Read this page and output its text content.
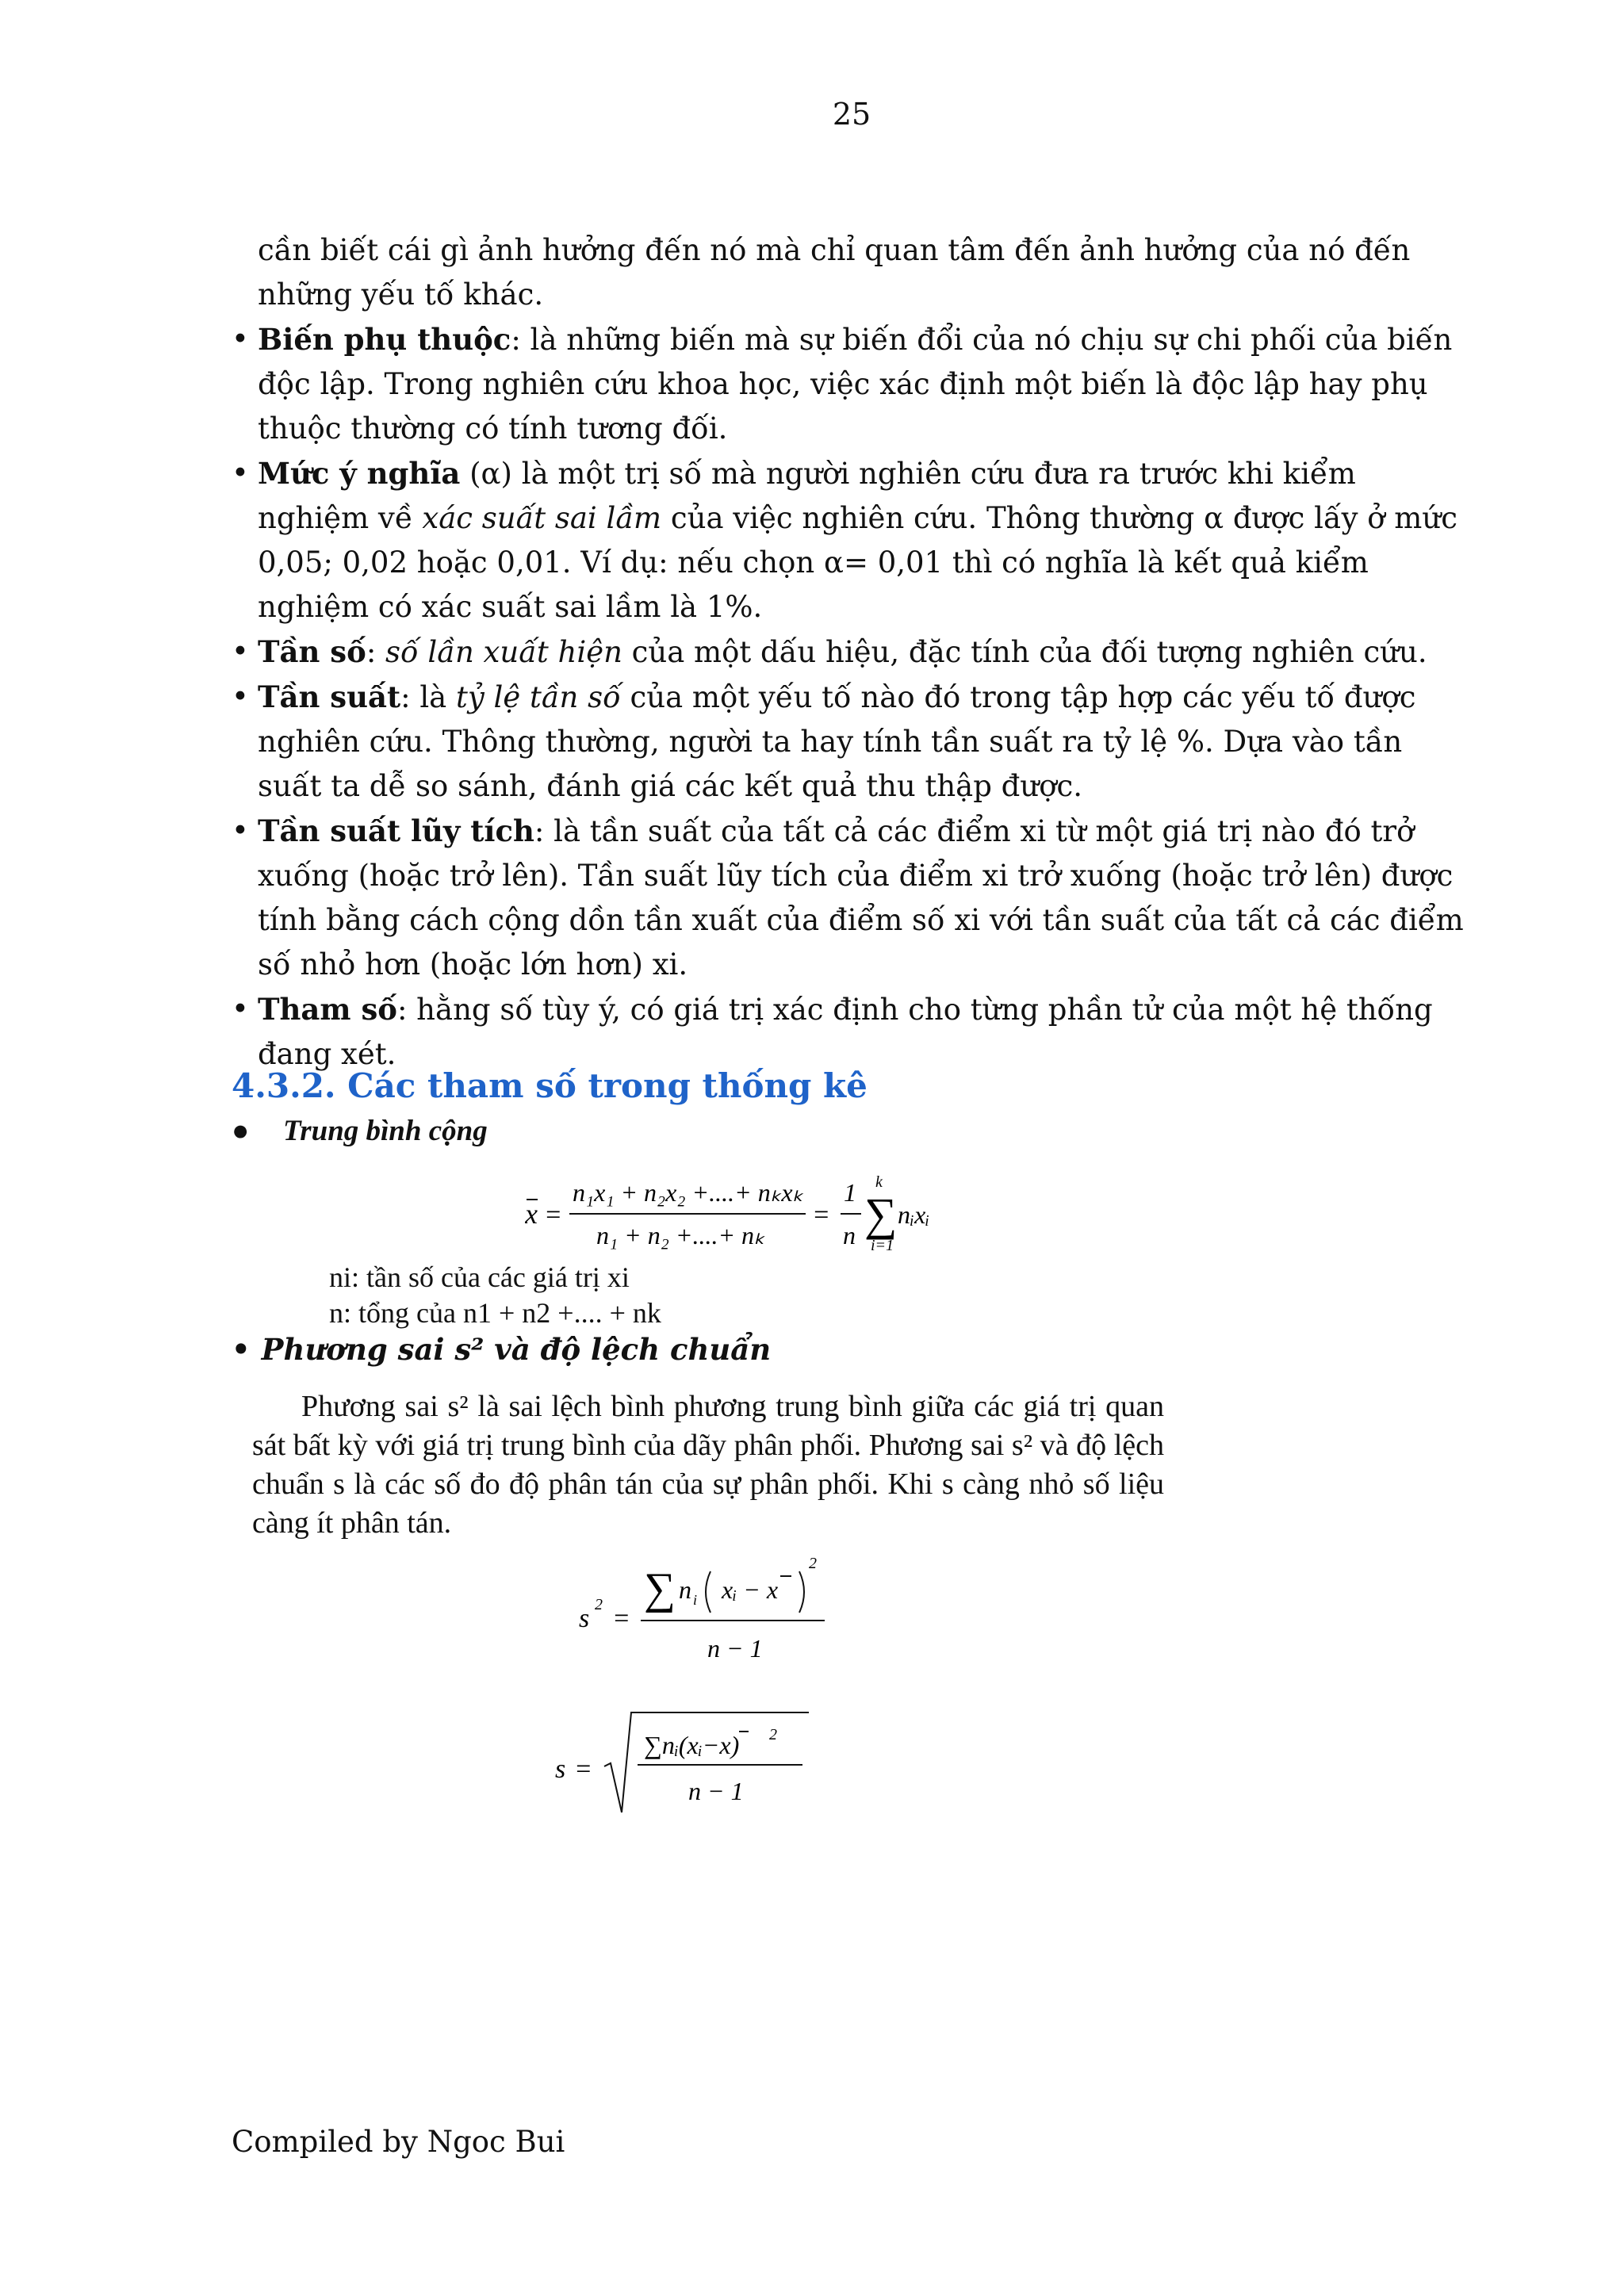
25
cần biết cái gì ảnh hưởng đến nó mà chỉ quan tâm đến ảnh hưởng của nó đến những yếu tố khác.
• Biến phụ thuộc: là những biến mà sự biến đổi của nó chịu sự chi phối của biến độc lập. Trong nghiên cứu khoa học, việc xác định một biến là độc lập hay phụ thuộc thường có tính tương đối.
• Mức ý nghĩa (α) là một trị số mà người nghiên cứu đưa ra trước khi kiểm nghiệm về xác suất sai lầm của việc nghiên cứu. Thông thường α được lấy ở mức 0,05; 0,02 hoặc 0,01. Ví dụ: nếu chọn α= 0,01 thì có nghĩa là kết quả kiểm nghiệm có xác suất sai lầm là 1%.
• Tần số: số lần xuất hiện của một dấu hiệu, đặc tính của đối tượng nghiên cứu.
• Tần suất: là tỷ lệ tần số của một yếu tố nào đó trong tập hợp các yếu tố được nghiên cứu. Thông thường, người ta hay tính tần suất ra tỷ lệ %. Dựa vào tần suất ta dễ so sánh, đánh giá các kết quả thu thập được.
• Tần suất lũy tích: là tần suất của tất cả các điểm xi từ một giá trị nào đó trở xuống (hoặc trở lên). Tần suất lũy tích của điểm xi trở xuống (hoặc trở lên) được tính bằng cách cộng dồn tần xuất của điểm số xi với tần suất của tất cả các điểm số nhỏ hơn (hoặc lớn hơn) xi.
• Tham số: hằng số tùy ý, có giá trị xác định cho từng phần tử của một hệ thống đang xét.
4.3.2. Các tham số trong thống kê
● Trung bình cộng
x =
n₁x₁ + n₂x₂ +....+ nₖxₖ
n₁ + n₂ +....+ nₖ
=
1
n ∑
k
i=1
nᵢxᵢ
ni: tần số của các giá trị xi
n: tổng của n1 + n2 +.... + nk
• Phương sai s² và độ lệch chuẩn
Phương sai s² là sai lệch bình phương trung bình giữa các giá trị quan sát bất kỳ với giá trị trung bình của dãy phân phối. Phương sai s² và độ lệch chuẩn s là các số đo độ phân tán của sự phân phối. Khi s càng nhỏ số liệu càng ít phân tán.
s 2 =
∑ n i xᵢ − x
2
n − 1
s =
∑nᵢ(xᵢ−x) 2
n − 1
Compiled by Ngoc Bui
